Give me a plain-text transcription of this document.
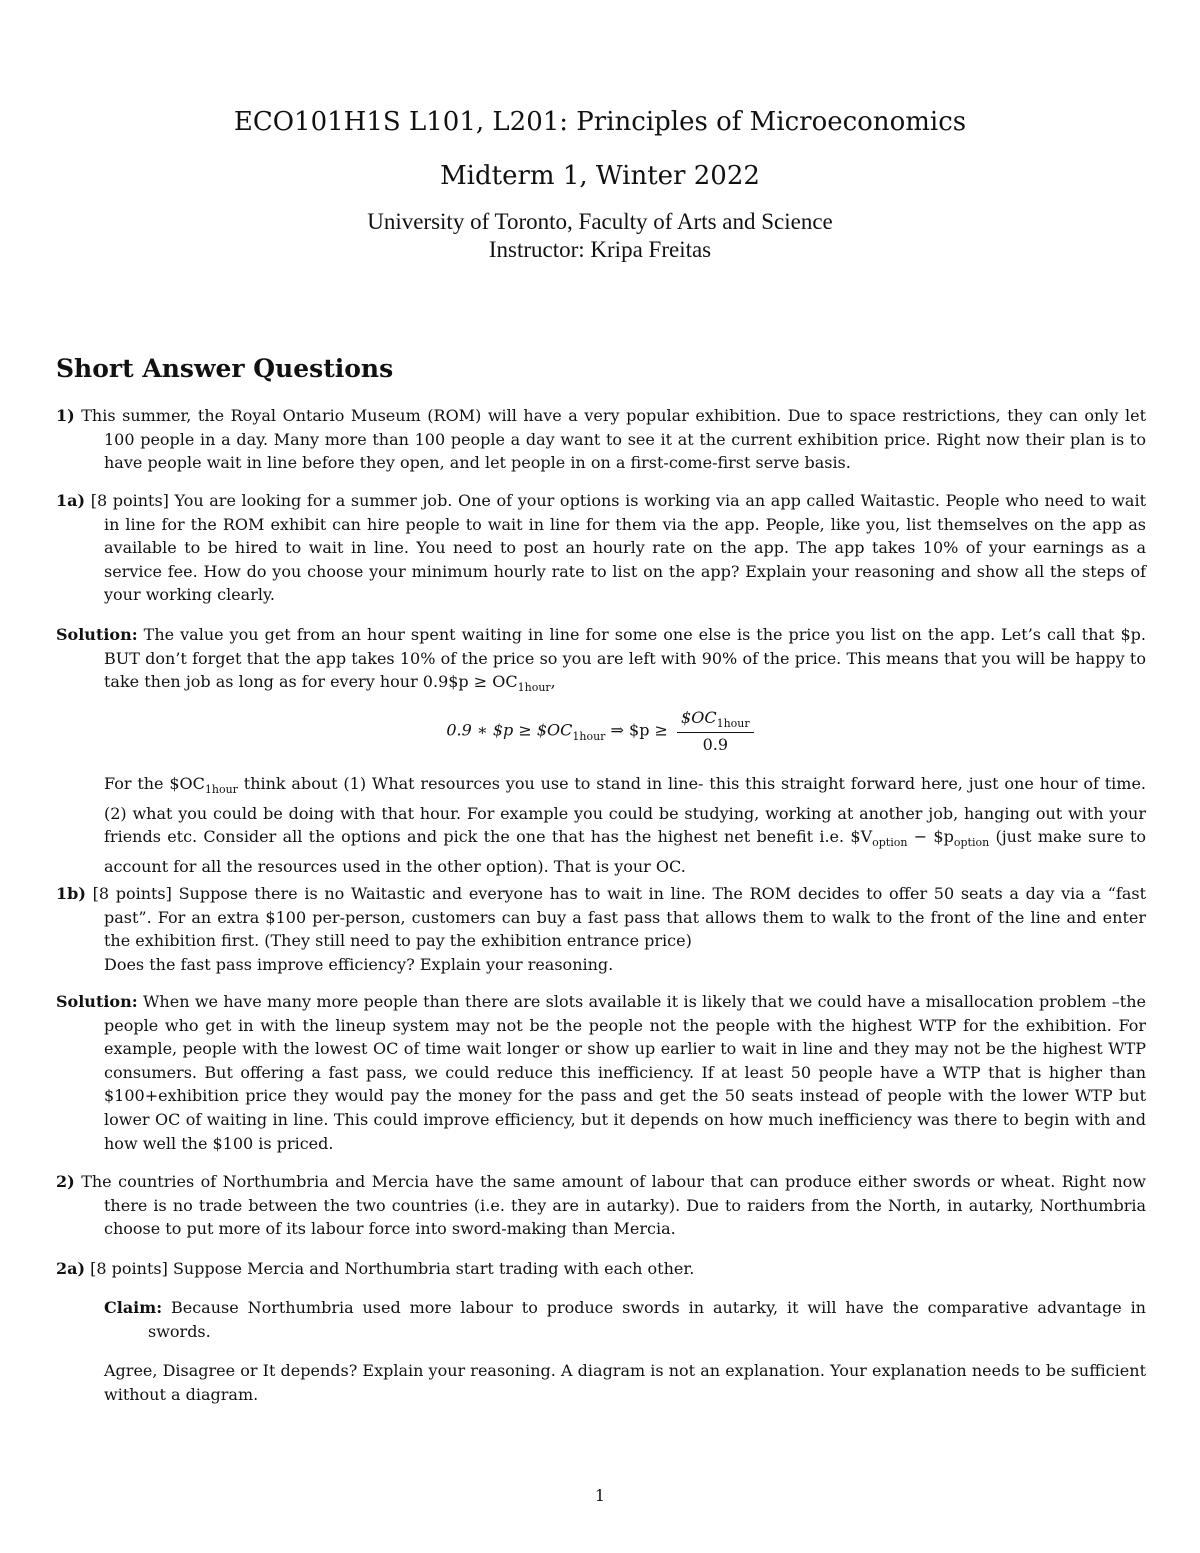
ECO101H1S L101, L201: Principles of Microeconomics
Midterm 1, Winter 2022
University of Toronto, Faculty of Arts and Science
Instructor: Kripa Freitas
Short Answer Questions
1) This summer, the Royal Ontario Museum (ROM) will have a very popular exhibition. Due to space restrictions, they can only let 100 people in a day. Many more than 100 people a day want to see it at the current exhibition price. Right now their plan is to have people wait in line before they open, and let people in on a first-come-first serve basis.
1a) [8 points] You are looking for a summer job. One of your options is working via an app called Waitastic. People who need to wait in line for the ROM exhibit can hire people to wait in line for them via the app. People, like you, list themselves on the app as available to be hired to wait in line. You need to post an hourly rate on the app. The app takes 10% of your earnings as a service fee. How do you choose your minimum hourly rate to list on the app? Explain your reasoning and show all the steps of your working clearly.
Solution: The value you get from an hour spent waiting in line for some one else is the price you list on the app. Let’s call that $p. BUT don’t forget that the app takes 10% of the price so you are left with 90% of the price. This means that you will be happy to take then job as long as for every hour 0.9$p ≥ $OC_{1hour}$,
0.9 ∗ $p ≥ $\$OC_{1hour}$ ⇒ $p ≥ $\frac{\$OC_{1hour}}{0.9}$
For the $\$OC_{1hour}$ think about (1) What resources you use to stand in line- this this straight forward here, just one hour of time. (2) what you could be doing with that hour. For example you could be studying, working at another job, hanging out with your friends etc. Consider all the options and pick the one that has the highest net benefit i.e. $\$V_{option}$ − $\$p_{option}$ (just make sure to account for all the resources used in the other option). That is your OC.
1b) [8 points] Suppose there is no Waitastic and everyone has to wait in line. The ROM decides to offer 50 seats a day via a “fast past”. For an extra $100 per-person, customers can buy a fast pass that allows them to walk to the front of the line and enter the exhibition first. (They still need to pay the exhibition entrance price)
Does the fast pass improve efficiency? Explain your reasoning.
Solution: When we have many more people than there are slots available it is likely that we could have a misallocation problem –the people who get in with the lineup system may not be the people not the people with the highest WTP for the exhibition. For example, people with the lowest OC of time wait longer or show up earlier to wait in line and they may not be the highest WTP consumers. But offering a fast pass, we could reduce this inefficiency. If at least 50 people have a WTP that is higher than $100+exhibition price they would pay the money for the pass and get the 50 seats instead of people with the lower WTP but lower OC of waiting in line. This could improve efficiency, but it depends on how much inefficiency was there to begin with and how well the $100 is priced.
2) The countries of Northumbria and Mercia have the same amount of labour that can produce either swords or wheat. Right now there is no trade between the two countries (i.e. they are in autarky). Due to raiders from the North, in autarky, Northumbria choose to put more of its labour force into sword-making than Mercia.
2a) [8 points] Suppose Mercia and Northumbria start trading with each other.
Claim: Because Northumbria used more labour to produce swords in autarky, it will have the comparative advantage in swords.
Agree, Disagree or It depends? Explain your reasoning. A diagram is not an explanation. Your explanation needs to be sufficient without a diagram.
1
